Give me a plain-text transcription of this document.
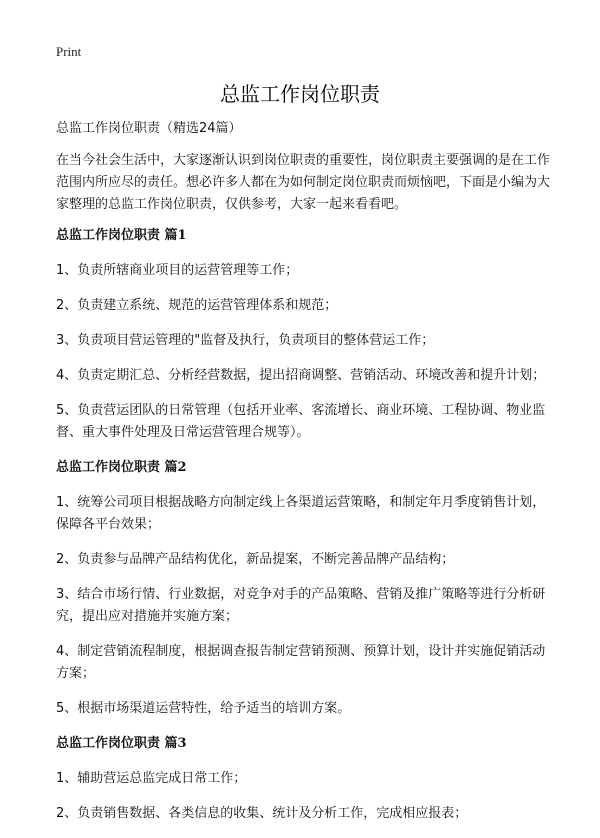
Print
总监工作岗位职责

总监工作岗位职责（精选24篇）

在当今社会生活中，大家逐渐认识到岗位职责的重要性，岗位职责主要强调的是在工作范围内所应尽的责任。想必许多人都在为如何制定岗位职责而烦恼吧，下面是小编为大家整理的总监工作岗位职责，仅供参考，大家一起来看看吧。

总监工作岗位职责 篇1

1、负责所辖商业项目的运营管理等工作；

2、负责建立系统、规范的运营管理体系和规范；

3、负责项目营运管理的"监督及执行，负责项目的整体营运工作；

4、负责定期汇总、分析经营数据，提出招商调整、营销活动、环境改善和提升计划；

5、负责营运团队的日常管理（包括开业率、客流增长、商业环境、工程协调、物业监督、重大事件处理及日常运营管理合规等）。

总监工作岗位职责 篇2

1、统筹公司项目根据战略方向制定线上各渠道运营策略，和制定年月季度销售计划，保障各平台效果；

2、负责参与品牌产品结构优化，新品提案，不断完善品牌产品结构；

3、结合市场行情、行业数据，对竞争对手的产品策略、营销及推广策略等进行分析研究，提出应对措施并实施方案；

4、制定营销流程制度，根据调查报告制定营销预测、预算计划，设计并实施促销活动方案；

5、根据市场渠道运营特性，给予适当的培训方案。

总监工作岗位职责 篇3

1、辅助营运总监完成日常工作；

2、负责销售数据、各类信息的收集、统计及分析工作，完成相应报表；
